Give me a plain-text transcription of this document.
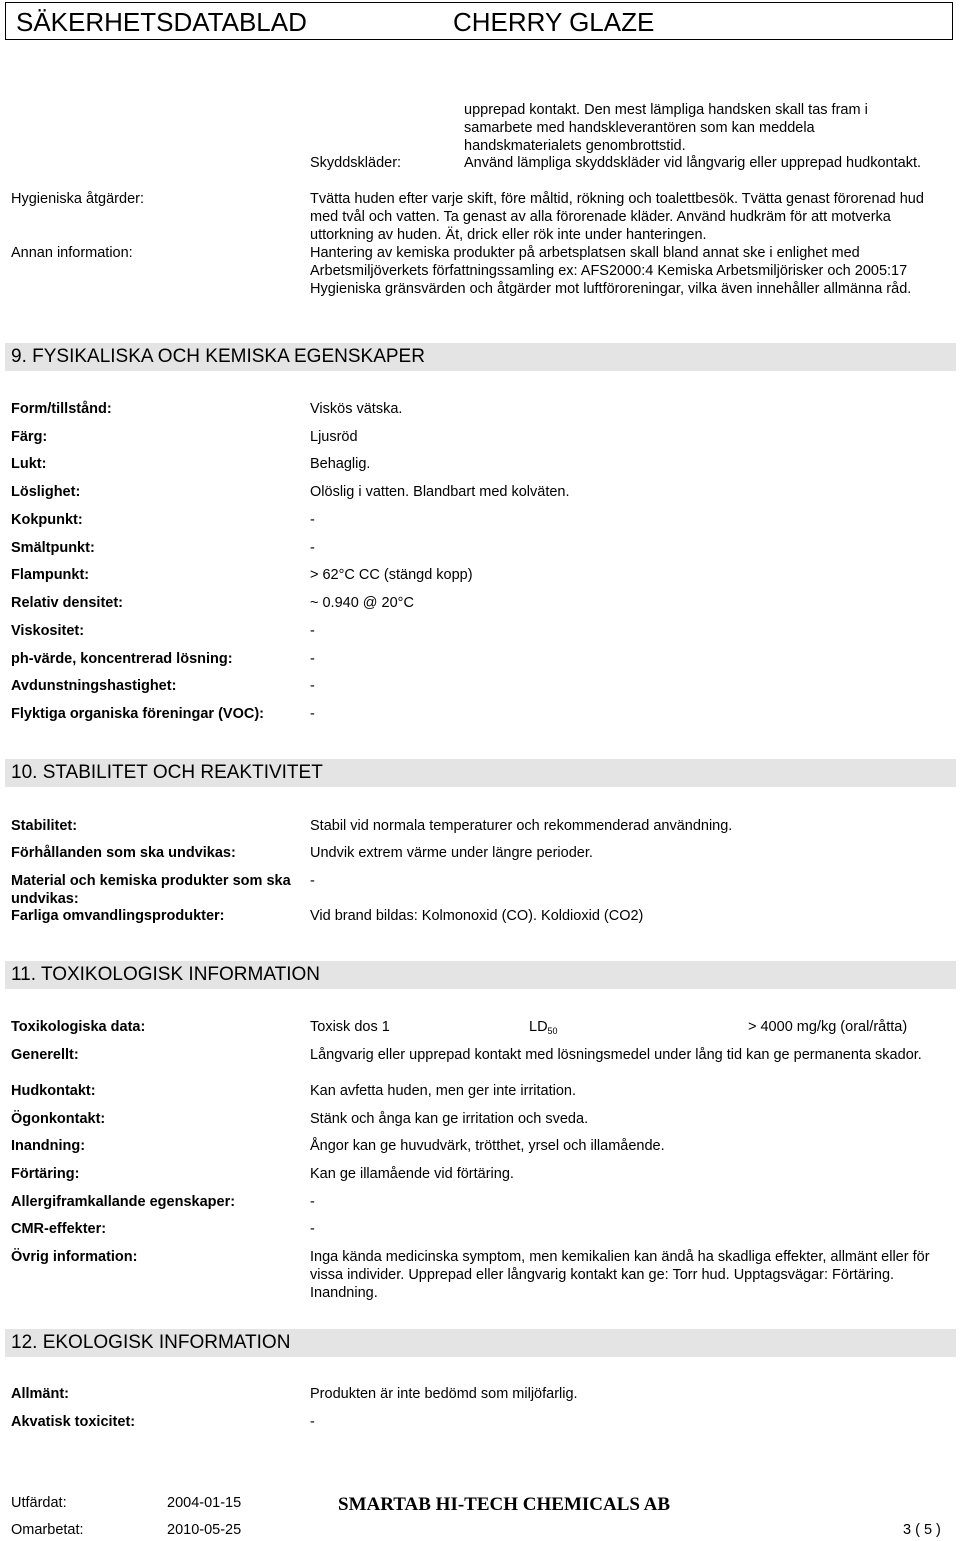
SÄKERHETSDATABLAD	CHERRY GLAZE
upprepad kontakt. Den mest lämpliga handsken skall tas fram i samarbete med handskleverantören som kan meddela handskmaterialets genombrottstid.
Skyddskläder:	Använd lämpliga skyddskläder vid långvarig eller upprepad hudkontakt.
Hygieniska åtgärder:	Tvätta huden efter varje skift, före måltid, rökning och toalettbesök. Tvätta genast förorenad hud med tvål och vatten. Ta genast av alla förorenade kläder. Använd hudkräm för att motverka uttorkning av huden. Ät, drick eller rök inte under hanteringen.
Annan information:	Hantering av kemiska produkter på arbetsplatsen skall bland annat ske i enlighet med Arbetsmiljöverkets författningssamling ex: AFS2000:4 Kemiska Arbetsmiljörisker och 2005:17 Hygieniska gränsvärden och åtgärder mot luftföroreningar, vilka även innehåller allmänna råd.
9. FYSIKALISKA OCH KEMISKA EGENSKAPER
Form/tillstånd:	Viskös vätska.
Färg:	Ljusröd
Lukt:	Behaglig.
Löslighet:	Olöslig i vatten. Blandbart med kolväten.
Kokpunkt:	-
Smältpunkt:	-
Flampunkt:	> 62°C CC (stängd kopp)
Relativ densitet:	~ 0.940 @ 20°C
Viskositet:	-
ph-värde, koncentrerad lösning:	-
Avdunstningshastighet:	-
Flyktiga organiska föreningar (VOC):	-
10. STABILITET OCH REAKTIVITET
Stabilitet:	Stabil vid normala temperaturer och rekommenderad användning.
Förhållanden som ska undvikas:	Undvik extrem värme under längre perioder.
Material och kemiska produkter som ska undvikas:
-
Farliga omvandlingsprodukter:	Vid brand bildas: Kolmonoxid (CO). Koldioxid (CO2)
11. TOXIKOLOGISK INFORMATION
Toxikologiska data:	Toxisk dos 1	$LD_{50}$	> 4000 mg/kg (oral/råtta)
Generellt:	Långvarig eller upprepad kontakt med lösningsmedel under lång tid kan ge permanenta skador.
Hudkontakt:	Kan avfetta huden, men ger inte irritation.
Ögonkontakt:	Stänk och ånga kan ge irritation och sveda.
Inandning:	Ångor kan ge huvudvärk, trötthet, yrsel och illamående.
Förtäring:	Kan ge illamående vid förtäring.
Allergiframkallande egenskaper:	-
CMR-effekter:	-
Övrig information:	Inga kända medicinska symptom, men kemikalien kan ändå ha skadliga effekter, allmänt eller för vissa individer. Upprepad eller långvarig kontakt kan ge: Torr hud. Upptagsvägar: Förtäring. Inandning.
12. EKOLOGISK INFORMATION
Allmänt:	Produkten är inte bedömd som miljöfarlig.
Akvatisk toxicitet:	-
Utfärdat:	2004-01-15	SMARTAB HI-TECH CHEMICALS AB
Omarbetat:	2010-05-25	3 ( 5 )
